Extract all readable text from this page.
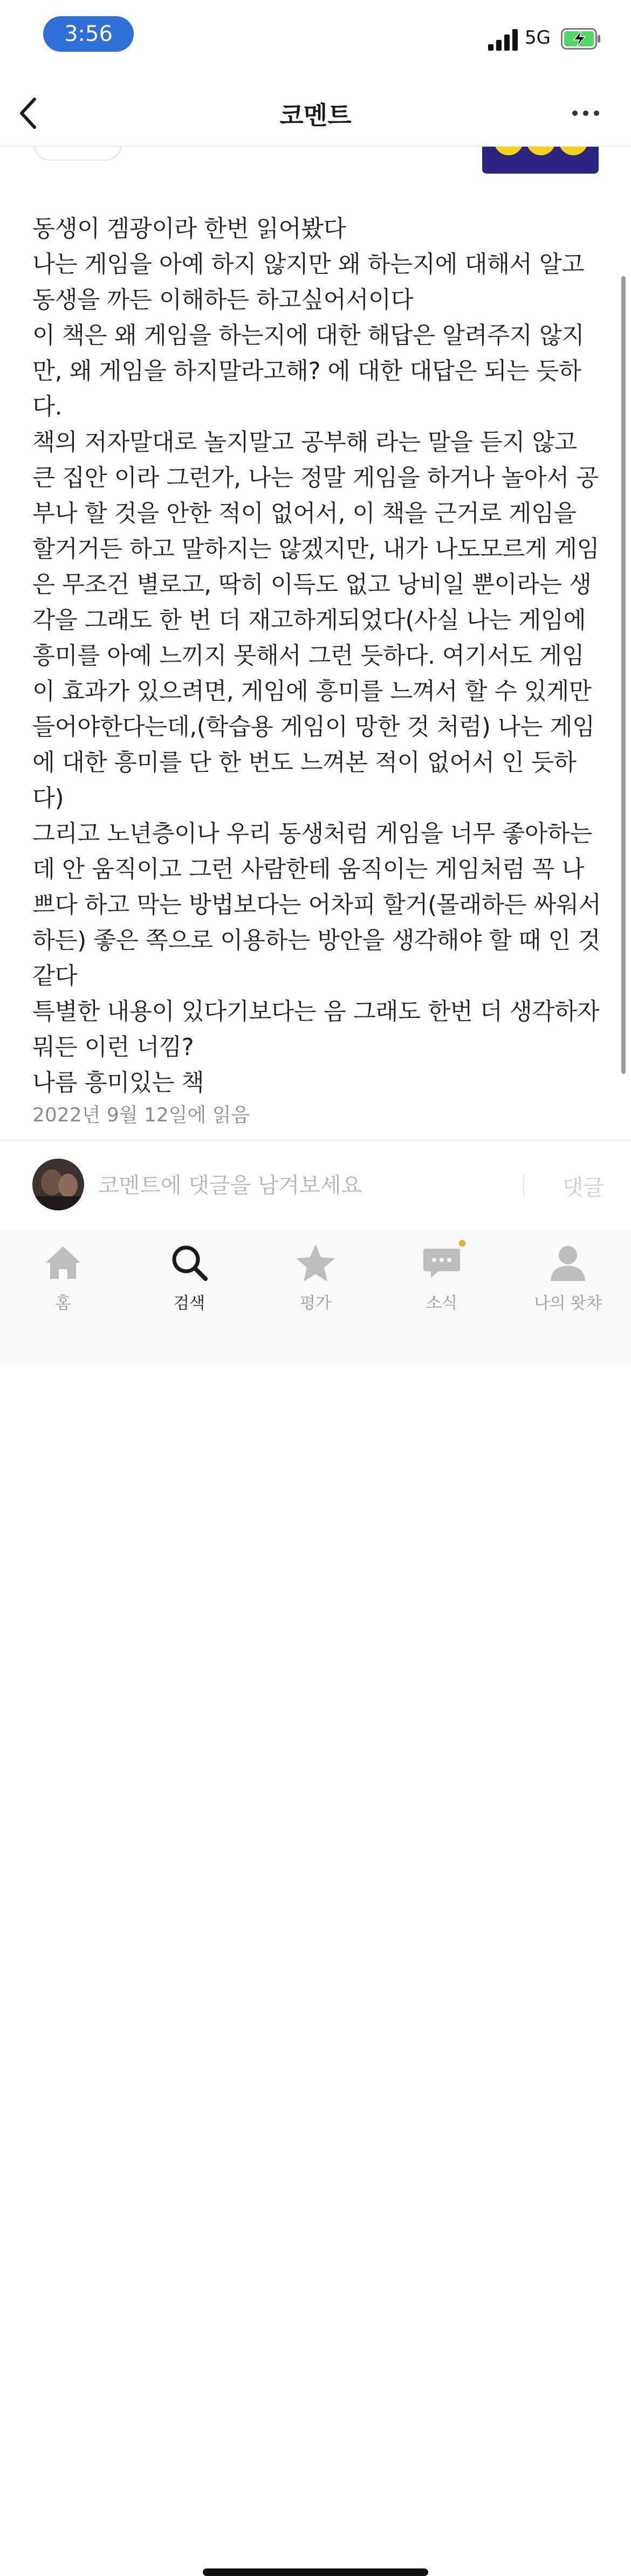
3:56	5G
코멘트
동생이 겜광이라 한번 읽어봤다
나는 게임을 아예 하지 않지만 왜 하는지에 대해서 알고
동생을 까든 이해하든 하고싶어서이다
이 책은 왜 게임을 하는지에 대한 해답은 알려주지 않지
만, 왜 게임을 하지말라고해? 에 대한 대답은 되는 듯하
다.
책의 저자말대로 놀지말고 공부해 라는 말을 듣지 않고
큰 집안 이라 그런가, 나는 정말 게임을 하거나 놀아서 공
부나 할 것을 안한 적이 없어서, 이 책을 근거로 게임을
할거거든 하고 말하지는 않겠지만, 내가 나도모르게 게임
은 무조건 별로고, 딱히 이득도 없고 낭비일 뿐이라는 생
각을 그래도 한 번 더 재고하게되었다(사실 나는 게임에
흥미를 아예 느끼지 못해서 그런 듯하다. 여기서도 게임
이 효과가 있으려면, 게임에 흥미를 느껴서 할 수 있게만
들어야한다는데,(학습용 게임이 망한 것 처럼) 나는 게임
에 대한 흥미를 단 한 번도 느껴본 적이 없어서 인 듯하
다)
그리고 노년층이나 우리 동생처럼 게임을 너무 좋아하는
데 안 움직이고 그런 사람한테 움직이는 게임처럼 꼭 나
쁘다 하고 막는 방법보다는 어차피 할거(몰래하든 싸워서
하든) 좋은 쪽으로 이용하는 방안을 생각해야 할 때 인 것
같다
특별한 내용이 있다기보다는 음 그래도 한번 더 생각하자
뭐든 이런 너낌?
나름 흥미있는 책
2022년 9월 12일에 읽음
코멘트에 댓글을 남겨보세요
댓글
홈	검색	평가	소식	나의 왓챠
